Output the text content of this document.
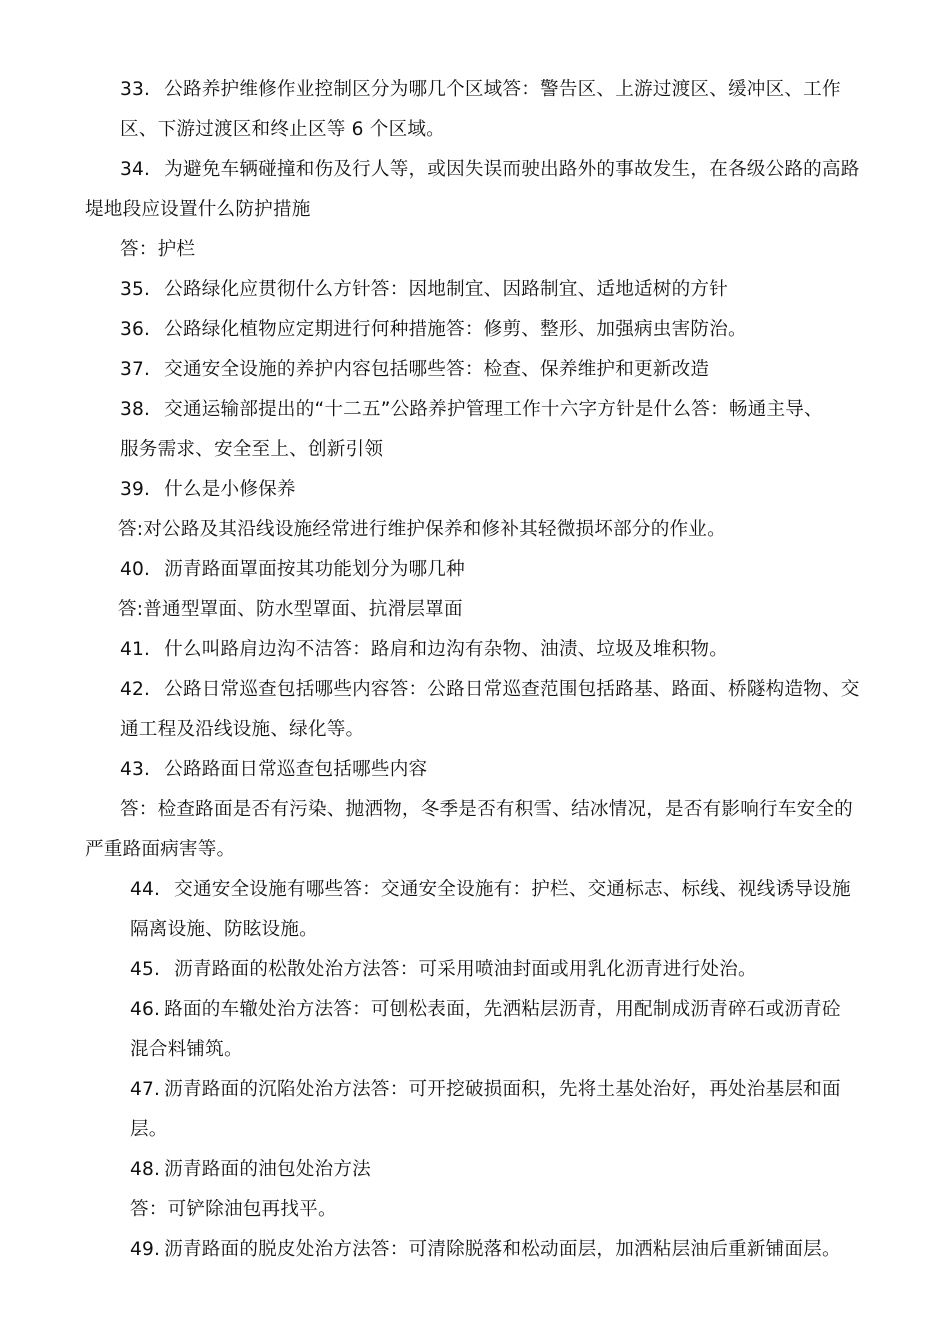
33. 公路养护维修作业控制区分为哪几个区域答：警告区、上游过渡区、缓冲区、工作
区、下游过渡区和终止区等 6 个区域。
34. 为避免车辆碰撞和伤及行人等，或因失误而驶出路外的事故发生，在各级公路的高路
堤地段应设置什么防护措施
答：护栏
35. 公路绿化应贯彻什么方针答：因地制宜、因路制宜、适地适树的方针
36. 公路绿化植物应定期进行何种措施答：修剪、整形、加强病虫害防治。
37. 交通安全设施的养护内容包括哪些答：检查、保养维护和更新改造
38. 交通运输部提出的“十二五”公路养护管理工作十六字方针是什么答：畅通主导、
服务需求、安全至上、创新引领
39. 什么是小修保养
答:对公路及其沿线设施经常进行维护保养和修补其轻微损坏部分的作业。
40. 沥青路面罩面按其功能划分为哪几种
答:普通型罩面、防水型罩面、抗滑层罩面
41. 什么叫路肩边沟不洁答：路肩和边沟有杂物、油渍、垃圾及堆积物。
42. 公路日常巡查包括哪些内容答：公路日常巡查范围包括路基、路面、桥隧构造物、交
通工程及沿线设施、绿化等。
43. 公路路面日常巡查包括哪些内容
答：检查路面是否有污染、抛洒物，冬季是否有积雪、结冰情况，是否有影响行车安全的
严重路面病害等。
44. 交通安全设施有哪些答：交通安全设施有：护栏、交通标志、标线、视线诱导设施
隔离设施、防眩设施。
45. 沥青路面的松散处治方法答：可采用喷油封面或用乳化沥青进行处治。
46. 路面的车辙处治方法答：可刨松表面，先洒粘层沥青，用配制成沥青碎石或沥青砼
混合料铺筑。
47. 沥青路面的沉陷处治方法答：可开挖破损面积，先将土基处治好，再处治基层和面
层。
48. 沥青路面的油包处治方法
答：可铲除油包再找平。
49. 沥青路面的脱皮处治方法答：可清除脱落和松动面层，加洒粘层油后重新铺面层。
